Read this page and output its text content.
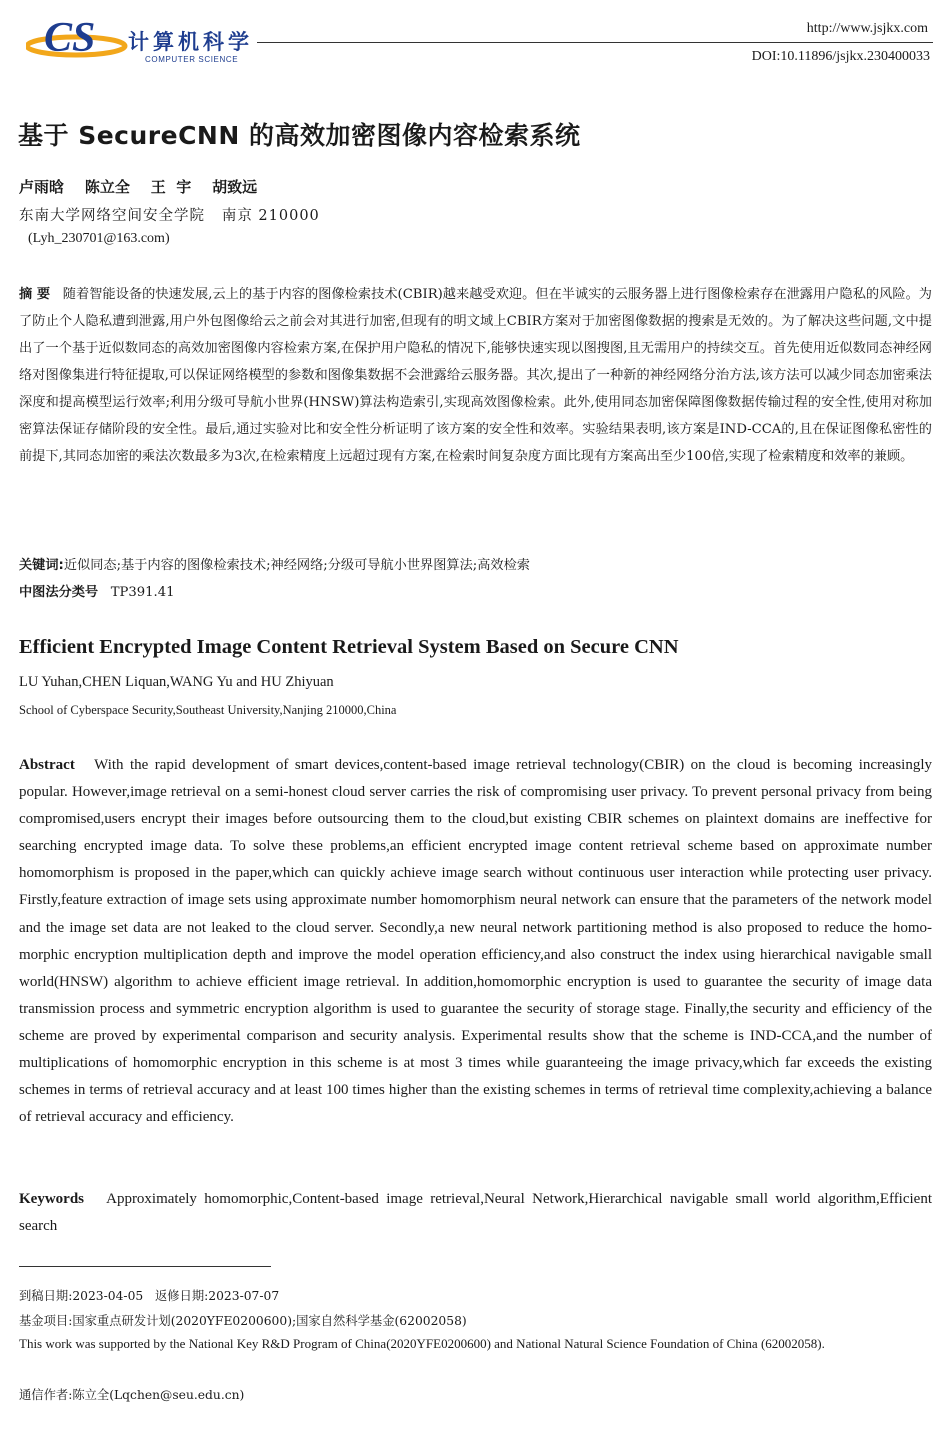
CS 计算机科学
COMPUTER SCIENCE
http://www.jsjkx.com
DOI:10.11896/jsjkx.230400033
基于 SecureCNN 的高效加密图像内容检索系统
卢雨晗    陈立全    王  宇    胡致远
东南大学网络空间安全学院   南京 210000
(Lyh_230701@163.com)
摘 要 随着智能设备的快速发展,云上的基于内容的图像检索技术(CBIR)越来越受欢迎。但在半诚实的云服务器上进行图像检索存在泄露用户隐私的风险。为了防止个人隐私遭到泄露,用户外包图像给云之前会对其进行加密,但现有的明文域上CBIR方案对于加密图像数据的搜索是无效的。为了解决这些问题,文中提出了一个基于近似数同态的高效加密图像内容检索方案,在保护用户隐私的情况下,能够快速实现以图搜图,且无需用户的持续交互。首先使用近似数同态神经网络对图像集进行特征提取,可以保证网络模型的参数和图像集数据不会泄露给云服务器。其次,提出了一种新的神经网络分治方法,该方法可以减少同态加密乘法深度和提高模型运行效率;利用分级可导航小世界(HNSW)算法构造索引,实现高效图像检索。此外,使用同态加密保障图像数据传输过程的安全性,使用对称加密算法保证存储阶段的安全性。最后,通过实验对比和安全性分析证明了该方案的安全性和效率。实验结果表明,该方案是IND-CCA的,且在保证图像私密性的前提下,其同态加密的乘法次数最多为3次,在检索精度上远超过现有方案,在检索时间复杂度方面比现有方案高出至少100倍,实现了检索精度和效率的兼顾。
关键词:近似同态;基于内容的图像检索技术;神经网络;分级可导航小世界图算法;高效检索
中图法分类号 TP391.41
Efficient Encrypted Image Content Retrieval System Based on Secure CNN
LU Yuhan,CHEN Liquan,WANG Yu and HU Zhiyuan
School of Cyberspace Security,Southeast University,Nanjing 210000,China
Abstract With the rapid development of smart devices,content-based image retrieval technology(CBIR) on the cloud is becoming increasingly popular. However,image retrieval on a semi-honest cloud server carries the risk of compromising user privacy. To prevent personal privacy from being compromised,users encrypt their images before outsourcing them to the cloud,but existing CBIR schemes on plaintext domains are ineffective for searching encrypted image data. To solve these problems,an efficient encrypted image content retrieval scheme based on approximate number homomorphism is proposed in the paper,which can quickly achieve image search without continuous user interaction while protecting user privacy. Firstly,feature extraction of image sets using approximate number homomorphism neural network can ensure that the parameters of the network model and the image set data are not leaked to the cloud server. Secondly,a new neural network partitioning method is also proposed to reduce the homomorphic encryption multiplication depth and improve the model operation efficiency,and also construct the index using hierarchical navigable small world(HNSW) algorithm to achieve efficient image retrieval. In addition,homomorphic encryption is used to guarantee the security of image data transmission process and symmetric encryption algorithm is used to guarantee the security of storage stage. Finally,the security and efficiency of the scheme are proved by experimental comparison and security analysis. Experimental results show that the scheme is IND-CCA,and the number of multiplications of homomorphic encryption in this scheme is at most 3 times while guaranteeing the image privacy,which far exceeds the existing schemes in terms of retrieval accuracy and at least 100 times higher than the existing schemes in terms of retrieval time complexity,achieving a balance of retrieval accuracy and efficiency.
Keywords Approximately homomorphic,Content-based image retrieval,Neural Network,Hierarchical navigable small world algorithm,Efficient search
到稿日期:2023-04-05   返修日期:2023-07-07
基金项目:国家重点研发计划(2020YFE0200600);国家自然科学基金(62002058)
This work was supported by the National Key R&D Program of China(2020YFE0200600) and National Natural Science Foundation of China (62002058).
通信作者:陈立全(Lqchen@seu.edu.cn)
